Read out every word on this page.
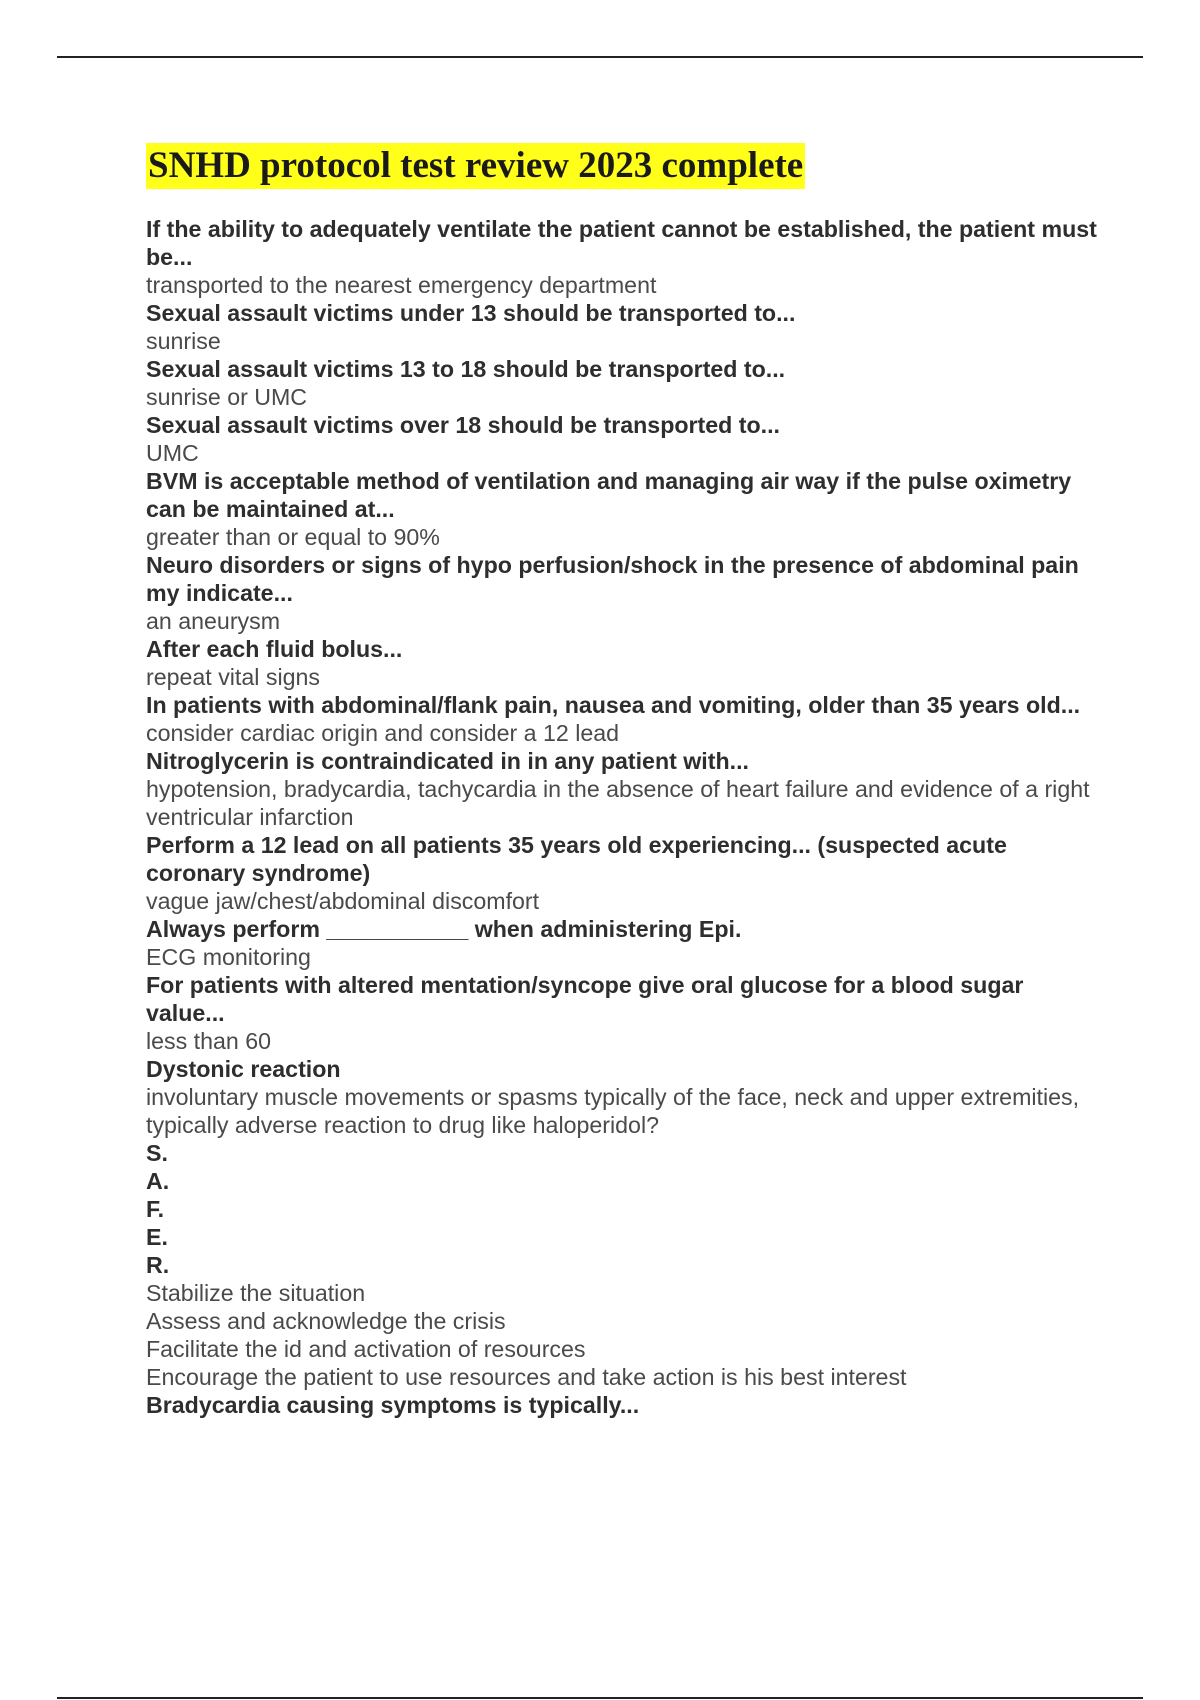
SNHD protocol test review 2023 complete

If the ability to adequately ventilate the patient cannot be established, the patient must be...

transported to the nearest emergency department

Sexual assault victims under 13 should be transported to...

sunrise

Sexual assault victims 13 to 18 should be transported to...

sunrise or UMC

Sexual assault victims over 18 should be transported to...

UMC

BVM is acceptable method of ventilation and managing air way if the pulse oximetry can be maintained at...

greater than or equal to 90%

Neuro disorders or signs of hypo perfusion/shock in the presence of abdominal pain my indicate...

an aneurysm

After each fluid bolus...

repeat vital signs

In patients with abdominal/flank pain, nausea and vomiting, older than 35 years old...

consider cardiac origin and consider a 12 lead

Nitroglycerin is contraindicated in in any patient with...

hypotension, bradycardia, tachycardia in the absence of heart failure and evidence of a right ventricular infarction

Perform a 12 lead on all patients 35 years old experiencing... (suspected acute coronary syndrome)

vague jaw/chest/abdominal discomfort

Always perform ___________ when administering Epi.

ECG monitoring

For patients with altered mentation/syncope give oral glucose for a blood sugar value...

less than 60

Dystonic reaction

involuntary muscle movements or spasms typically of the face, neck and upper extremities, typically adverse reaction to drug like haloperidol?

S.

A.

F.

E.

R.

Stabilize the situation

Assess and acknowledge the crisis

Facilitate the id and activation of resources

Encourage the patient to use resources and take action is his best interest

Bradycardia causing symptoms is typically...
